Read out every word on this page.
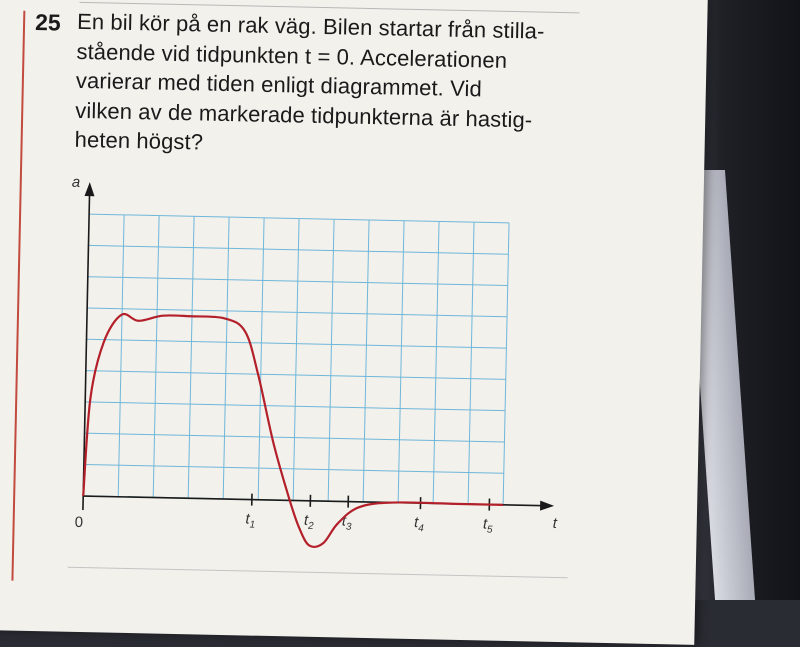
25 En bil kör på en rak väg. Bilen startar från stilla-
stående vid tidpunkten t = 0. Accelerationen
varierar med tiden enligt diagrammet. Vid
vilken av de markerade tidpunkterna är hastig-
heten högst?
a
t
0	$t_1$	$t_2$ $t_3$	$t_4$	$t_5$
